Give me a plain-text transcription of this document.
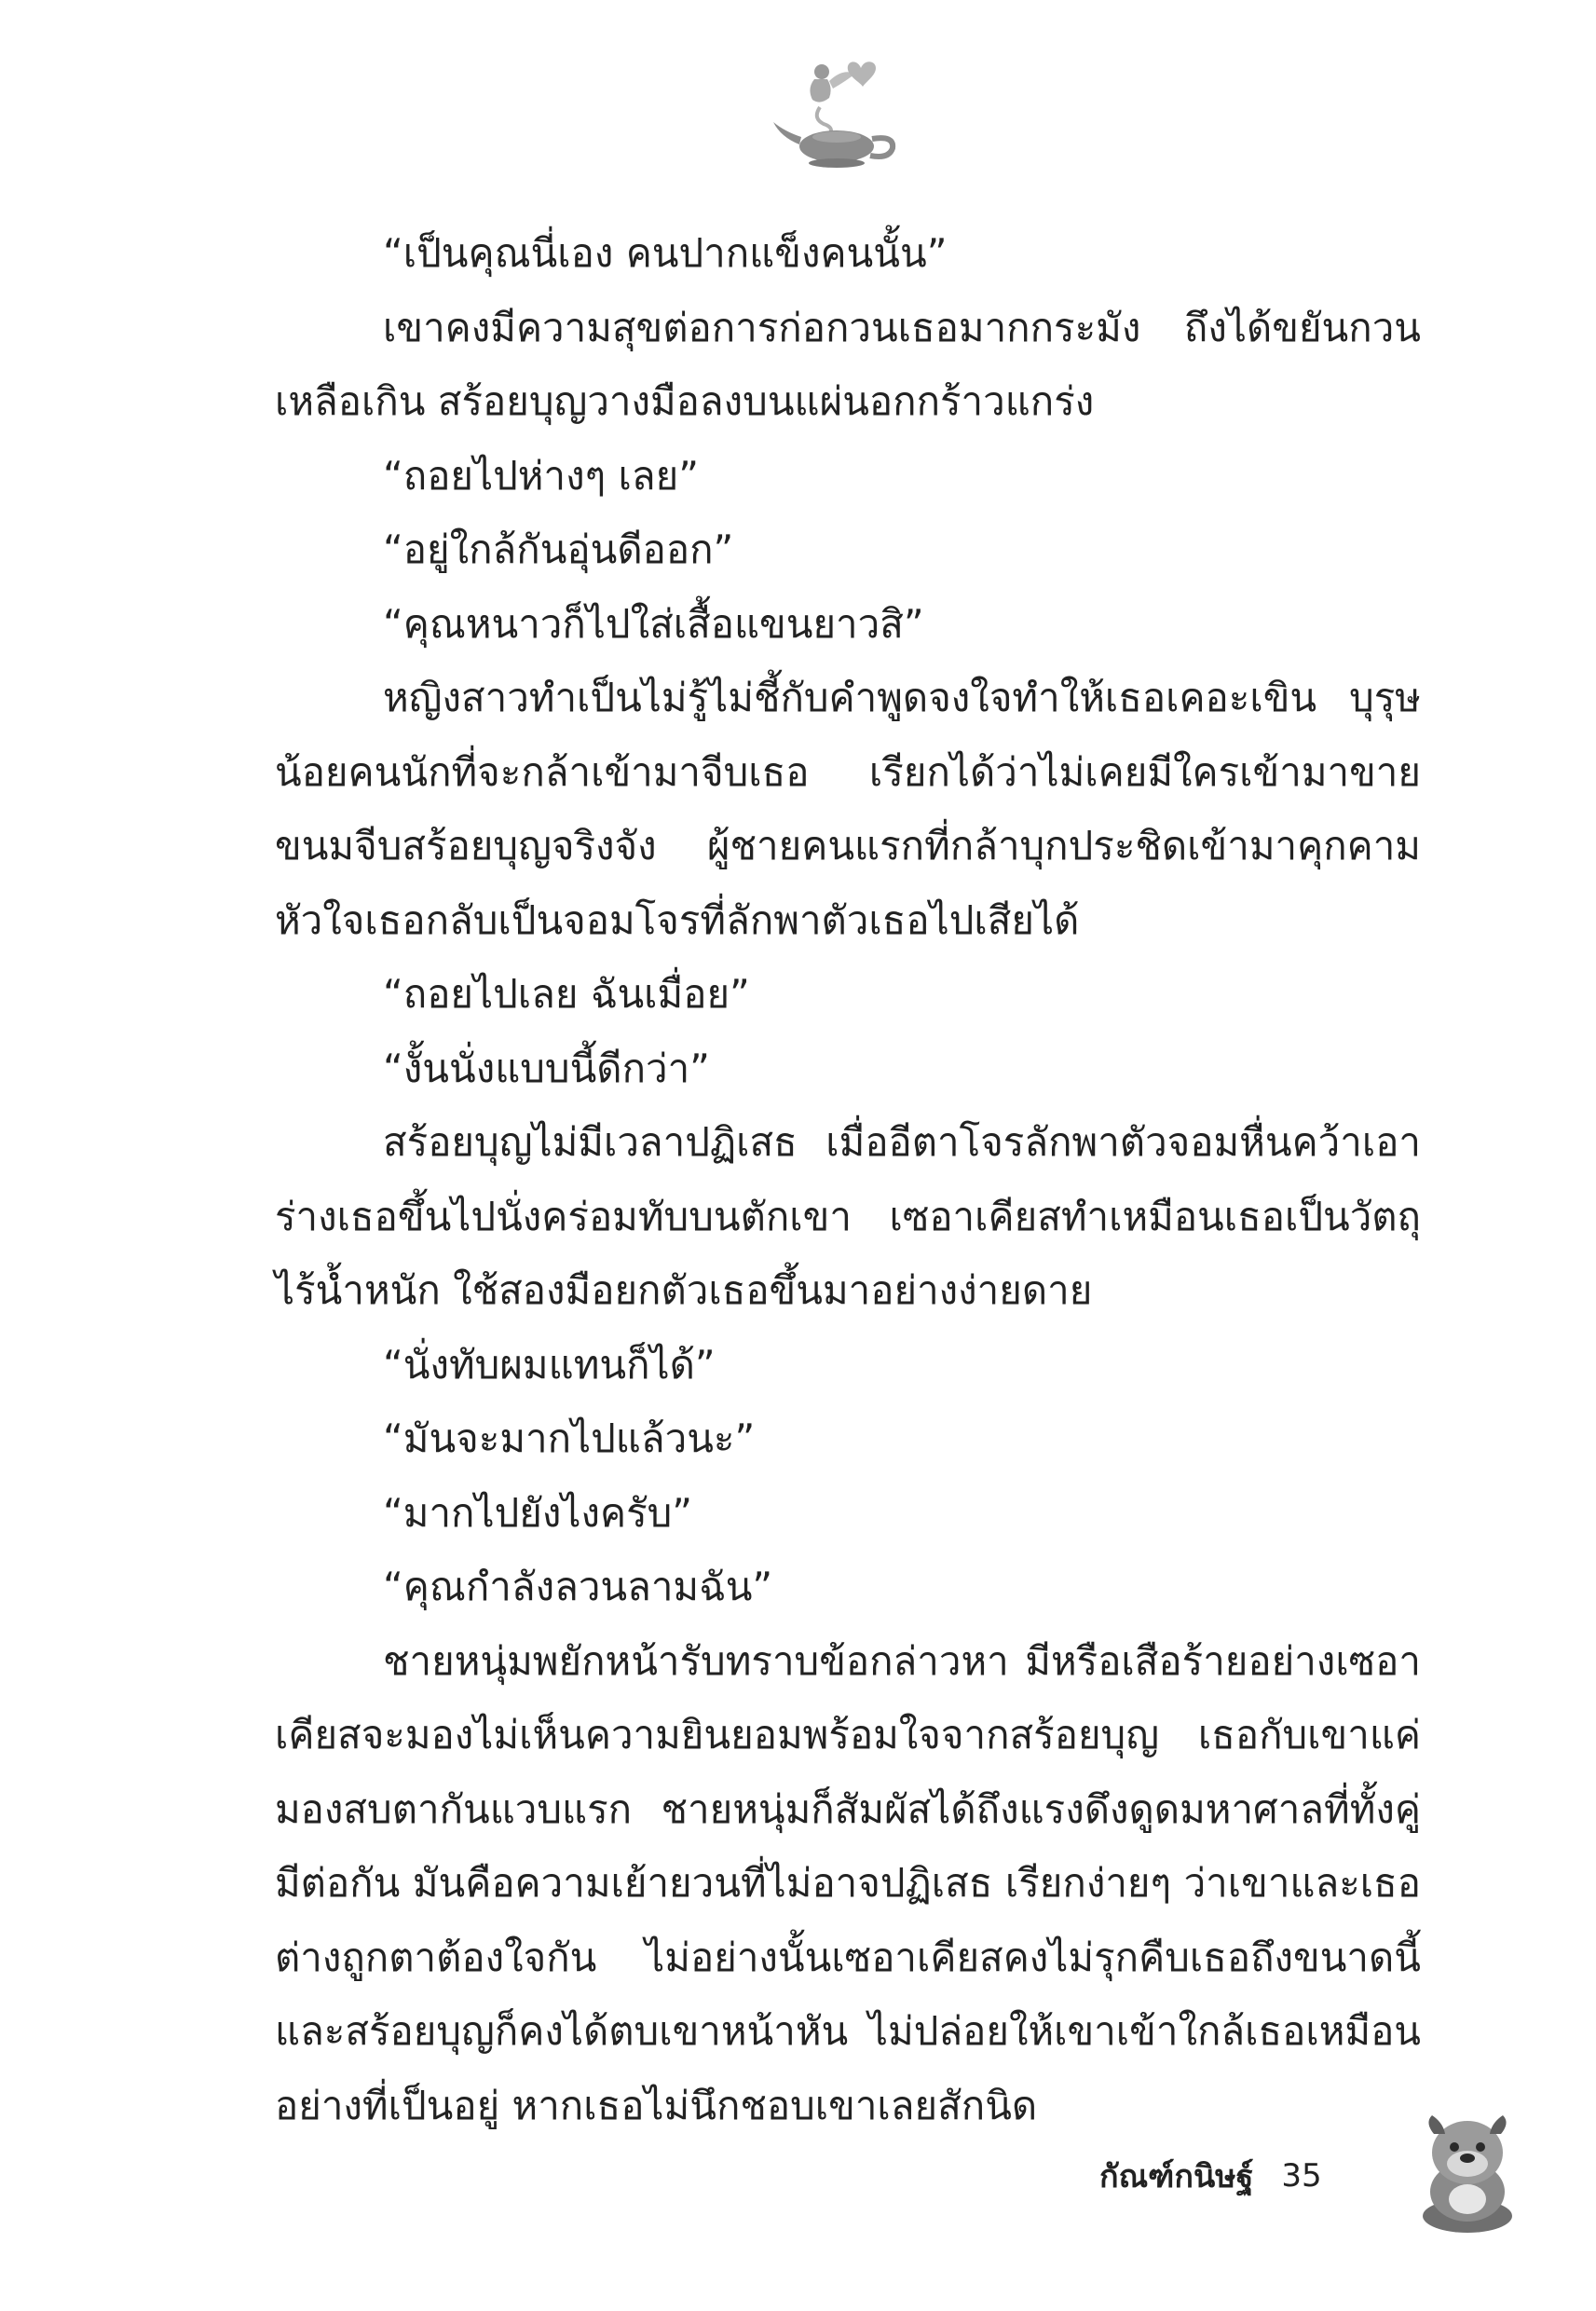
“เป็นคุณนี่เอง คนปากแข็งคนนั้น”

เขาคงมีความสุขต่อการก่อกวนเธอมากกระมัง ถึงได้ขยันกวนเหลือเกิน สร้อยบุญวางมือลงบนแผ่นอกกร้าวแกร่ง

“ถอยไปห่างๆ เลย”

“อยู่ใกล้กันอุ่นดีออก”

“คุณหนาวก็ไปใส่เสื้อแขนยาวสิ”

หญิงสาวทำเป็นไม่รู้ไม่ชี้กับคำพูดจงใจทำให้เธอเคอะเขิน บุรุษน้อยคนนักที่จะกล้าเข้ามาจีบเธอ เรียกได้ว่าไม่เคยมีใครเข้ามาขายขนมจีบสร้อยบุญจริงจัง ผู้ชายคนแรกที่กล้าบุกประชิดเข้ามาคุกคามหัวใจเธอกลับเป็นจอมโจรที่ลักพาตัวเธอไปเสียได้

“ถอยไปเลย ฉันเมื่อย”

“งั้นนั่งแบบนี้ดีกว่า”

สร้อยบุญไม่มีเวลาปฏิเสธ เมื่ออีตาโจรลักพาตัวจอมหื่นคว้าเอาร่างเธอขึ้นไปนั่งคร่อมทับบนตักเขา เซอาเคียสทำเหมือนเธอเป็นวัตถุไร้น้ำหนัก ใช้สองมือยกตัวเธอขึ้นมาอย่างง่ายดาย

“นั่งทับผมแทนก็ได้”

“มันจะมากไปแล้วนะ”

“มากไปยังไงครับ”

“คุณกำลังลวนลามฉัน”

ชายหนุ่มพยักหน้ารับทราบข้อกล่าวหา มีหรือเสือร้ายอย่างเซอาเคียสจะมองไม่เห็นความยินยอมพร้อมใจจากสร้อยบุญ เธอกับเขาแค่มองสบตากันแวบแรก ชายหนุ่มก็สัมผัสได้ถึงแรงดึงดูดมหาศาลที่ทั้งคู่มีต่อกัน มันคือความเย้ายวนที่ไม่อาจปฏิเสธ เรียกง่ายๆ ว่าเขาและเธอต่างถูกตาต้องใจกัน ไม่อย่างนั้นเซอาเคียสคงไม่รุกคืบเธอถึงขนาดนี้ และสร้อยบุญก็คงได้ตบเขาหน้าหัน ไม่ปล่อยให้เขาเข้าใกล้เธอเหมือนอย่างที่เป็นอยู่ หากเธอไม่นึกชอบเขาเลยสักนิด

กัณฑ์กนิษฐ์ 35
